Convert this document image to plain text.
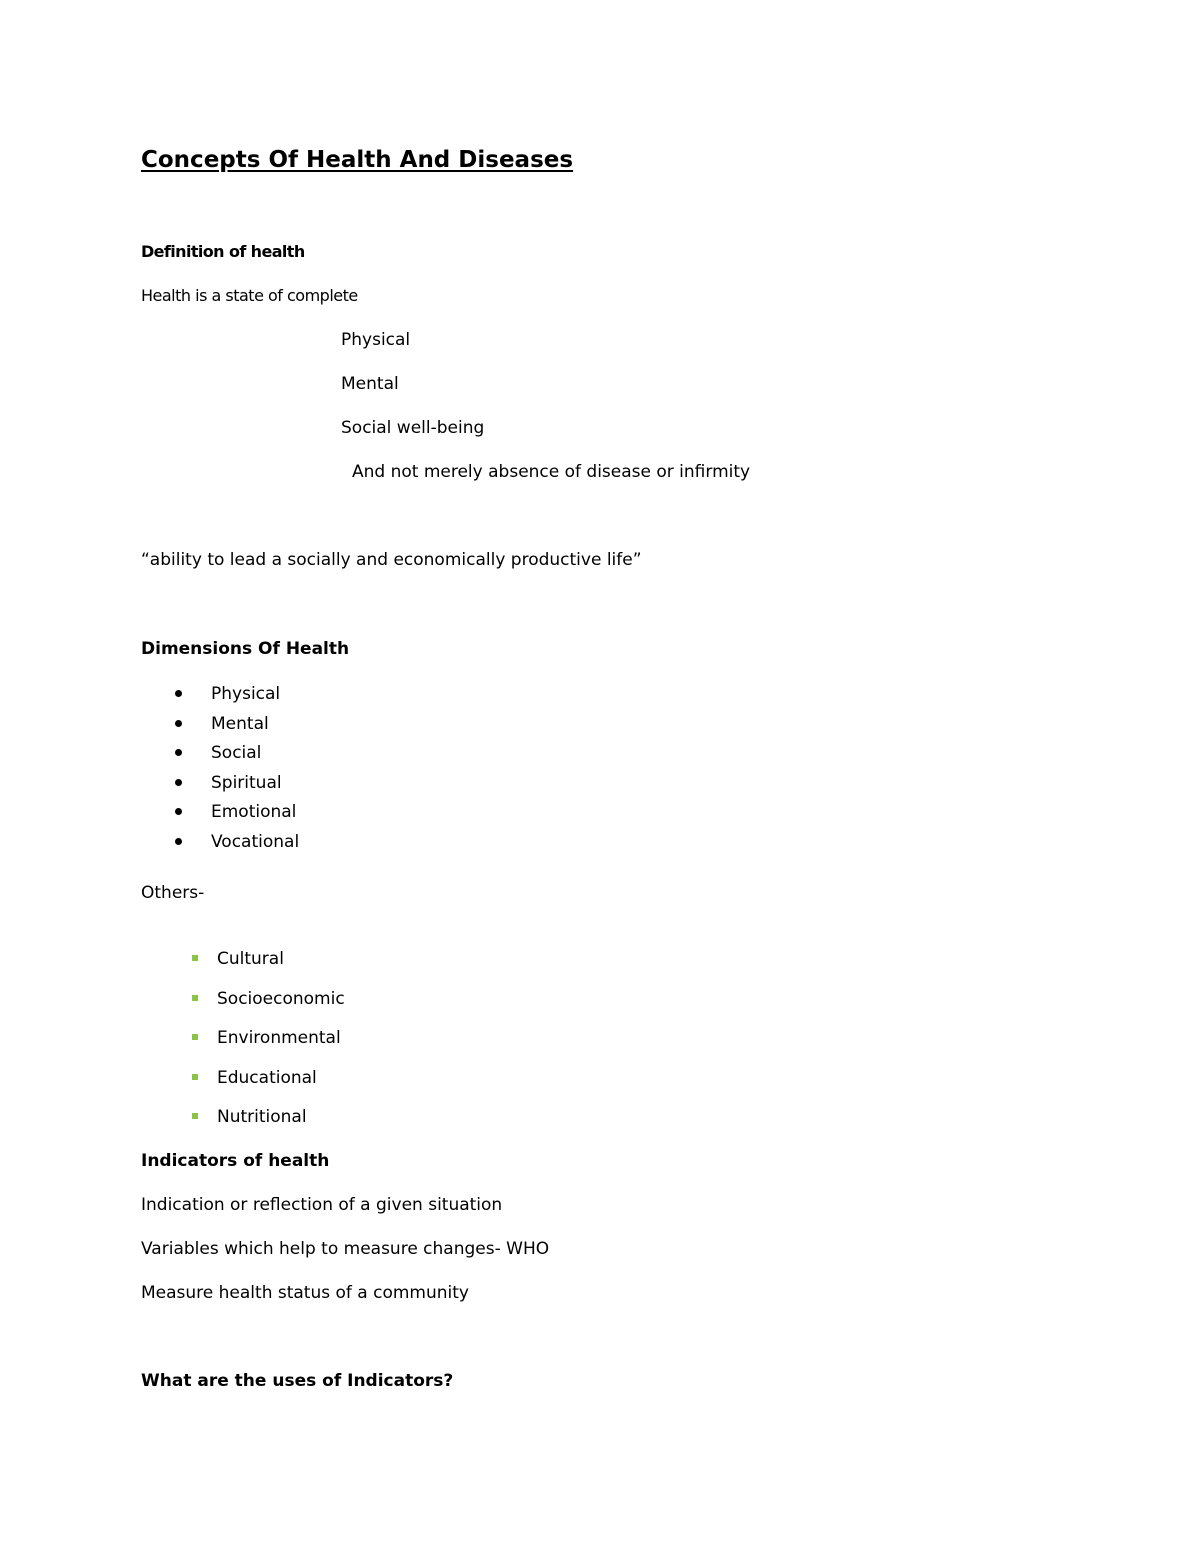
Concepts Of Health And Diseases
Definition of health
Health is a state of complete
Physical
Mental
Social well-being
And not merely absence of disease or infirmity
“ability to lead a socially and economically productive life”
Dimensions Of Health
Physical
Mental
Social
Spiritual
Emotional
Vocational
Others-
Cultural
Socioeconomic
Environmental
Educational
Nutritional
Indicators of health
Indication or reflection of a given situation
Variables which help to measure changes- WHO
Measure health status of a community
What are the uses of Indicators?
